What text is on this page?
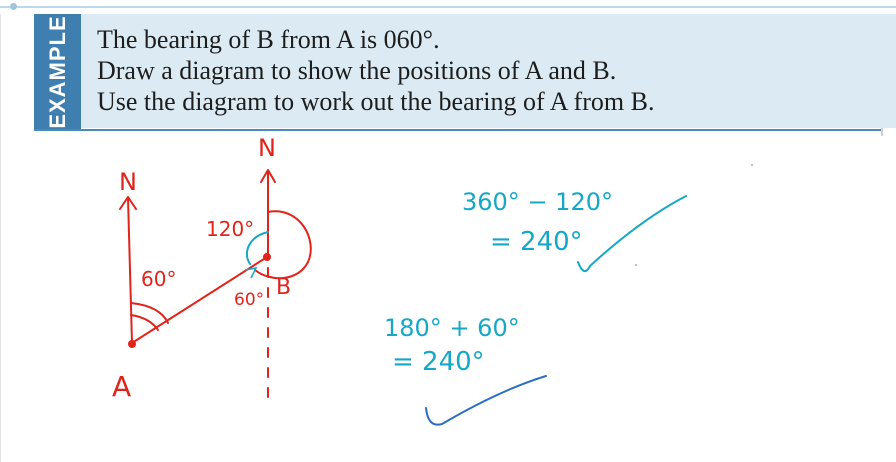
EXAMPLE The bearing of B from A is 060°.
Draw a diagram to show the positions of A and B.
Use the diagram to work out the bearing of A from B.
N
N
A
B
60°
120°
60°
360° − 120°
= 240°
180° + 60°
= 240°
